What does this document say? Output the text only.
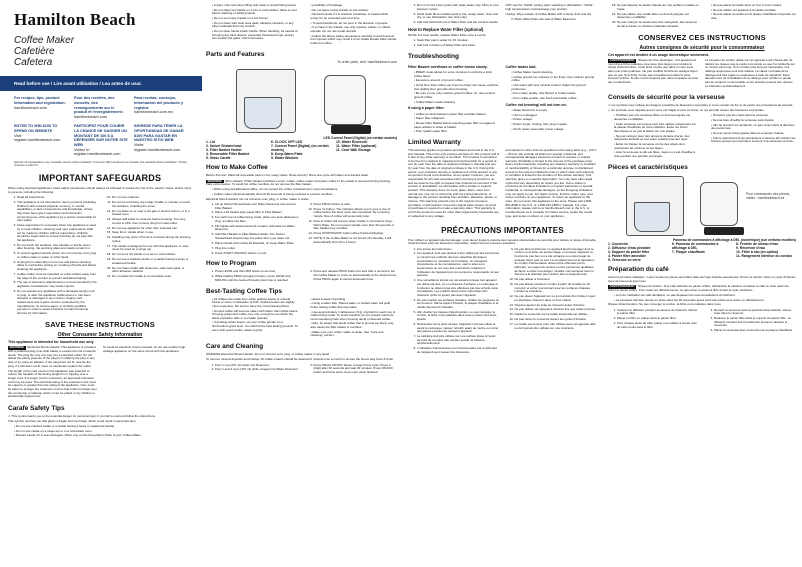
Hamilton Beach
Coffee Maker
Cafetière
Cafetera
Read before use / Lire avant utilisation / Lea antes de usar.
For recipes, tips, product information and registration:
hamiltonbeach.com
Pour des recettes, des conseils, des renseignements sur le produit et l'enregistrement :
hamiltonbeach.com
Para recetas, consejos, información del producto y registro:
hamiltonbeach.com.mx
ENTER TO WIN $100 TO SPEND ON WEBSITE
Visit: register.hamiltonbeach.com
PARTICIPEZ POUR COURIR LA CHANCE DE GAGNER UN MONTANT DE 100 $ À DÉPENSER SUR NOTRE SITE WEB
Visitez le : register.hamiltonbeach.com
INGRESE PARA TENER LA OPORTUNIDAD DE GANAR $100 PARA GASTAR EN NUESTRO SITIO WEB
Visite: register.hamiltonbeach.com
Special US sweepstakes only. Canadian version where available / Concours offert seulement au Canada. Not available where prohibited. / Sorteo exclusivo en EE.UU.
IMPORTANT SAFEGUARDS

When using electrical appliances, basic safety precautions should always be followed to reduce the risk of fire, electric shock, and/or injury to persons, including the following:

1. Read all instructions.
2. This appliance is not intended for use by persons (including children) with reduced physical, sensory, or mental capabilities, or lack of experience and knowledge, unless they have been given supervision and instruction concerning use of the appliance by a person responsible for their safety.
3. Close supervision is necessary when any appliance is used by or near children. Cleaning and user maintenance shall not be made by children without supervision. Children should be supervised to ensure that they do not play with the appliance.
4. Do not touch hot surfaces. Use handles or knobs. Even after brewing, the warming plate and carafe remain hot.
5. To protect against electric shock, do not immerse cord, plug, or coffee maker in water or other liquid.
6. Unplug from outlet when not in use and before cleaning. Allow to cool before putting on or taking off parts and before cleaning the appliance.
7. Coffee maker must be operated on a flat surface away from the edge of the counter to prevent accidental tipping.
8. The use of accessory attachments not recommended by the appliance manufacturer may cause injuries.
9. Do not operate any appliance with a damaged supply cord or plug, or after the appliance malfunctions or has been dropped or damaged in any manner. Supply cord replacement and repairs must be conducted by the manufacturer, its service agent, or similarly qualified persons in order to avoid a hazard. Contact Customer Service for information.
10. Do not use outdoors.
11. Do not let cord hang over edge of table or counter or touch hot surfaces, including the stove.
12. Do not place on or near a hot gas or electric burner, or in a heated oven.
13. Always add water to reservoir before brewing. Turn any control to OFF, then remove plug from wall outlet.
14. Do not use appliance for other than intended use.
15. Keep lid on carafe when in use.
16. Scalding may occur if the lid is removed during the brewing cycles.
17. The carafe is designed for use with this appliance. It must never be used on a range top.
18. Do not set a hot carafe on a wet or cold surface.
19. Do not use a cracked carafe or a carafe having a loose or weakened handle.
20. Do not clean carafe with cleansers, steel wool pads, or other abrasive material.
21. Do not place the carafe in a microwave oven.
SAVE THESE INSTRUCTIONS
Other Consumer Safety Information

This appliance is intended for household use only.

WARNING Electrical Shock Hazard: This appliance is provided with a polarized plug (one wide blade) to reduce the risk of electric shock. The plug fits only one way into a polarized outlet. Do not defeat the safety purpose of the plug by modifying the plug in any way or by using an adapter. If the plug does not fit, reverse the plug. If it still does not fit, have an electrician replace the outlet.

The length of the cord used on this appliance was selected to reduce the hazards of becoming tangled in or tripping over a longer cord. If a longer cord is necessary, an approved extension cord may be used. The electrical rating of the extension cord must be equal to or greater than the rating of the appliance. Care must be taken to arrange the extension cord so that it will not drape over the countertop or tabletop where it can be pulled on by children or accidentally tripped over.

To avoid an electrical circuit overload, do not use another high-wattage appliance on the same circuit with this appliance.

Carafe Safety Tips

⚠ This symbol alerts you to the potential danger for personal injury if you fail to read and follow the instructions.

This symbol reminds you that glass is fragile and can break, which could result in personal injury.

• Do not use cracked carafe or a carafe having a loose or weakened handle.
• Do not use carafe on a range top or in a microwave oven.
• Discard carafe if it is ever damaged. Place only on the Keep-Warm Plate of your Coffee Maker.
• impact. Use care when filling with water to avoid hitting faucet.
• Do not place hot Carafe on a wet or cold surface. Allow to cool before washing or adding liquids.
• Do not set empty Carafe on a hot burner.
• Do not clean with steel wool pads, abrasive cleaners, or any other materials that may scratch.
• Do not raise hands inside Carafe. When handling, be careful of bumping any hard objects, especially distressed rings, jewelry can scratch the glass, which increases
• possibility of breakage.
• Do not leave empty Carafe on hot surface.
• Discard Carafe if it is cracked, scratched, or heated while empty for an extended period of time.
• To avoid accidents, do not pour in the direction of people.
• If a crack in the Carafe, use only cookies, plastic, or rubber utensils. Do not use metal utensils.
• Follow the above safety precautions carefully to avoid serious burn injuries which may result if a hot carafe breaks while Carafe holds hot coffee.
Parts and Features
To order parts, visit: hamiltonbeach.com
LED Control Panel (Digital) (on certain models)
1. Lid
2. Swivel Showerhead
3. Filter Basket Holder
4. Removable Filter Basket
5. Glass Carafe
6. CLOCK OFF LED
7. Control Panel (Digital) (on certain models)
8. Keep-Warm Plate
9. Water Window
10. Water Reservoir
11. Water Filter (optional)
11. Cord Wall Storage
How to Make Coffee

Before first use: Wash all removable parts in hot, soapy water. Rinse and dry. Brew one cycle with water and discard water.

WARNING Burn Hazard. If filter basket overflows occurs, coffee, coffee maker and place coffee to the carafe is removed during brewing. Take extra caution. To avoid hot coffee overflow, do not remove the filter basket.

• When using decaffeinated coffee, do not exceed the coffee manufacturer's recommendations.
• Coffee maker will automatically shut off 30 seconds of being removed to prevent overflow.

Electrical Shock Hazard. Do not immerse cord, plug, or coffee maker in water.

1. Lift up Swivel Showerhead over Water Reservoir and remove Filter Basket.
2. Place a #4 basket style paper filter in Filter Basket.
3. For each cup of coffee being made, place one level tablespoon (5 g) of coffee into filter.
4. Fill Carafe with desired amount of water. Add water to Water Reservoir.
5. Add Filter Basket to Filter Basket Holder. The Swivel Showerhead should snap into place when you lower Lid.
6. Place Carafe with nozzle lid attached, on Keep-Warm Plate.
7. Plug into outlet.
8. Press START (ON/OFF) button on unit.
9. Press PROG button to start.
10. Press 'H' button. The Indicator allows you to pour a cup of coffee before the brew cycle has completed. By removing Carafe, flow of coffee will temporarily stop.
11. Flow of coffee will resume when Carafe is returned to Keep-Warm Plate. Do not remove Carafe more than 30 seconds or filter basket may overflow.
12. Press STOP/ON/OFF button when finished (Display).
13. NOTE: If the Coffee Maker is not turned off manually, it will automatically shut off in 2 hours.
How to Program
1. Press HOUR and then MIN button to set time.
2. While holding PROG (program) button, press HOUR and MINUTE until the desired brewing start time is reached.
3. Press and release PROG button for less than 1 second to set the Coffee Maker to come on automatically at the desired time. Press PROG again to cancel automatic brew.
Best-Tasting Coffee Tips
• All coffees are made from either arabica beans or robusta beans or some combination of both. Arabica beans are slightly more expensive, but tend to have the most pleasing flavor.
• Ground coffee will become stale much faster than whole beans. If buying preground coffee, buy only enough to use within the latest expiration date or a smaller quantity.
• If grinding whole beans, set your coffee grinder on a fine/medium-grind level. You will find the best tasting grounds. To use it with good results, select a grind
• about a week of grinding.
• Using a water filter, filtered water, or bottled water will yield better tasting coffee than tap water.
• Use approximately 1 tablespoon (5 g) of grinds for each cup of coffee being made. To avoid overflow, do not exceed maximum recommended grinds when brewing decaf or flavored coffee.
• Also, be aware that decaf coffee that is ground too finely may also cause the filter basket to overflow.
• Make sure your coffee maker is clean. See "Care and Cleaning" section.
Care and Cleaning

WARNING Electrical Shock Hazard. Do not immerse cord, plug, or coffee maker in any liquid.

To remove mineral deposits and buildup: All coffee makers should be cleaned of mineral once a month to ensure the brews stay fresh & fresh.

1. Pour 1 cup (237 ml) water into Reservoir.
2. Pour 1 and 2 cups (470 ml) white vinegar into Water Reservoir.
3. Press PROG ON/OFF button to begin brew cycle. Press 4 (digit) after 30 seconds and wait 30 minutes. Press ON/OFF button and brew press once more when finished.
4. Run 2-3 more brew cycles with clean water only. Allow to cool between cycles.
5. Hand wash all removable parts in hot, soapy water, rinse and dry, or use dishwasher (top rack only).
6. Add and hold back Lid of Water Filter and the Lid and Carafe.
How to Replace Water Filter (optional)

NOTE: For best results, replace Water Filter once a month.

1. Soak filter pad in water for 15 minutes.
2. Add pod to bottom of Water Filter and insert.

NOT use the "SAVE" setting when washing in dishwasher. "SAVE" high temperatures could damage your product.

Unplug. Wipe outside of Coffee Maker with a damp cloth and dry.

3. Place Water Filter into well of Water Reservoir.
Troubleshooting
Filter Basket overflows or coffee brews slowly.
• BREW mode allows for some moisture to optimize a bold coffee flavor.
• Excessive amount of ground coffee.
• Grind finer than coffee you brew too finely can cause overflow. Use slightly finer grounds when brewing.
• Be sure to use only medium-ground coffee. Or, use medium ground coffee.
• Coffee Maker needs cleaning.
If using a paper filter:
• Coffee grounds between paper filter and filter basket.
• Paper filter collapsed.
• Reuse Filter Basket before inserting paper filter so edges of paper adhere to sides of basket.
• Poor quality paper filter.
Coffee tastes bad.
• Coffee Maker needs cleaning.
• Coffee ground too coarsely or too finely. Use medium ground coffee.
• Use water with less mineral content. Adjust the ground preference.
• Poor water quality. Use filtered or bottled water.
• Poor coffee quality. Use fresh and bolder coffee.
Coffee not brewing/ will not turn on.
• Water Reservoir is empty.
• Unit is unplugged.
• Power outage.
• Power surge: Unplug, then plug in again.
• Clock resets reset after power outage.
Limited Warranty

This warranty applies to products purchased and used in the U.S. and Canada. This is the only express warranty for this product and is in lieu of any other warranty or condition. This product is warranted to be free from defects in material and workmanship for a period of one (1) year from the date of original purchase in Canada and one (1) year from the date of original purchase in the U.S. During this period, your exclusive remedy is replacement of this product or any component found to be defective, at our option; however, you are responsible for all costs associated with returning a product to us and we reserve the right to request that products be returned. If the product is unavailable, we will replace with a similar or superior product. This warranty does not cover glass, filters, wear from normal use, use not in conformity with the printed directions, or damage to the product resulting from accident, alteration, abuse, or misuse. This warranty extends only to the original consumer purchaser or gift recipient. Keep the original sales receipt, as proof of purchase is required to make a warranty claim. This warranty is void if the product is used for other than single-family household use or subjected to any voltage

and waveform other than as specified on the rating label (e.g., 120 V ~ 60 Hz). We exclude all claims for special, incidental, and consequential damages caused by breach of express or implied warranty. All liability is limited to the amount of the purchase price. Every implied warranty, including any statutory warranty or condition of merchantability or fitness for a particular purpose, is disclaimed except to the extent prohibited by law, in which case such warranty or condition is limited to the duration of this written warranty. This warranty gives you specific legal rights. You may have other legal rights that vary depending on where you live. Some states or provinces do not allow limitations on implied warranties or special, incidental, or consequential damages, so the foregoing limitations may not apply to you. For faster service, find the model, type, and series numbers on your appliance. To return an appliance to the store. Do not return this appliance to the store. Please call 1-800-851-8900 in the U.S. or 1-800-267-2826 in Canada. For more information, please visit us at hamiltonbeach.com in the U.S. or hamiltonbeach.ca in Canada. For faster service, locate the model, type, and series numbers on your appliance.

PRÉCAUTIONS IMPORTANTES

Pour utiliser un appareil électroménager, vous devez toujours prendre des mesures élémentaires de sécurité pour réduire le risque d'incendie, d'électrocution et/ou de blessures corporelles, notamment les mesures suivantes :

1. Lire toutes les instructions.
2. Cet appareil n'est pas destiné à être utilisé par des personnes (y compris les enfants) dont les capacités physiques, sensorielles ou mentales sont réduites, ou manquant d'expérience et de connaissance, sauf si elles sont supervisées ou ont reçu des instructions relatives à l'utilisation de l'appareil par une personne responsable de leur sécurité.
3. Une surveillance étroite est nécessaire lorsque tout appareil est utilisé par des, ou en présence d'enfants. Le nettoyage et l'entretien ne doivent pas être effectués par des enfants sans surveillance. Les enfants doivent être supervisés afin d'assurer qu'ils ne jouent pas avec l'appareil.
4. Ne pas toucher les surfaces chaudes. Utiliser les poignées ou les boutons. Même après l'infusion, la plaque chauffante et la carafe demeurent chaudes.
5. Afin d'éviter les risques d'électrocution, ne pas immerger le cordon, la fiche ou la cafetière dans l'eau ou dans tout autre liquide.
6. Débrancher de la prise lorsque l'appareil n'est pas utilisé et avant le nettoyage. Laisser refroidir avant de mettre ou retirer des pièces et avant de nettoyer l'appareil.
7. La cafetière doit être utilisée sur une surface plane à l'écart du bord du comptoir afin d'éviter qu'elle ne bascule accidentellement.
8. L'utilisation d'accessoires non recommandés par le fabricant de l'appareil peut causer des blessures.
9. Ne pas faire fonctionner un appareil électroménager dont le cordon ou la fiche est endommagé, ou lorsque l'appareil ne fonctionne pas bien ou a été échappé ou endommagé de quelque façon que ce soit. Le remplacement et la réparation du cordon d'alimentation doivent être effectués par le fabricant, son agent de service ou des personnes qualifiées de façon à éviter tout danger. Veuillez communiquer avec le Service à la clientèle pour obtenir des renseignements.
10. Ne pas utiliser à l'extérieur.
11. Ne pas laisser pendre le cordon à partir de la table ou du comptoir et éviter tout contact avec les surfaces chaudes, incluant la cuisinière.
12. Ne pas placer l'appareil sur ou à proximité d'un brûleur à gaz ou électrique chaud ni dans un four chaud.
13. Toujours ajouter de l'eau au réservoir avant l'infusion.
14. Ne pas utiliser cet appareil à d'autres fins que celles prévues.
15. Garder le couvercle sur la carafe lorsqu'elle est utilisée.
16. Ne pas retirer le couvercle durant les cycles d'infusion.
17. La carafe est conçue pour être utilisée avec cet appareil. Elle ne doit jamais être utilisée sur une cuisinière.
18. Ne pas déposer la carafe chaude sur une surface mouillée ou froide.
19. Ne pas utiliser une carafe fêlée ou dont la poignée est desserrée ou affaiblie.
20. Ne pas nettoyer la carafe avec des nettoyants, des tampons de laine d'acier ou d'autres matériaux abrasifs.
• Ne pas placer la carafe dans un four à micro-ondes.
• Ne pas utiliser cet appareil si la carafe est fêlée.
• Ne pas placer la carafe sur la plaque chauffante lorsqu'elle est vide.
CONSERVEZ CES INSTRUCTIONS
Autres consignes de sécurité pour le consommateur

Cet appareil est destiné à un usage domestique seulement.

AVERTISSEMENT Risque de choc électrique : Cet appareil est muni d'une fiche polarisée (une lame plus large) pour réduire le risque d'électrocution. Cette fiche n'entre que dans un seul sens dans une prise polarisée. Ne pas modifier la fiche de quelque façon que ce soit. Si la fiche n'entre pas complètement dans la prise, inverser la fiche. Si elle n'entre toujours pas, faire remplacer la prise par un électricien.

La longueur du cordon utilisé sur cet appareil a été choisie afin de réduire les risques que le cordon s'emmêle ou que l'on trébuche sur un cordon plus long. Si un cordon plus long est nécessaire, une rallonge approuvée peut être utilisée. La valeur nominale de la rallonge doit être égale ou supérieure à celle de l'appareil. Faire attention lors de l'installation de la rallonge pour qu'elle ne pende pas du comptoir ou de la table où les enfants peuvent tirer dessus ou trébucher accidentellement.

Conseils de sécurité pour la verseuse

⚠ Ce symbole vous indique les dangers possibles de blessures corporelles si vous omettez de lire et de suivre ces précautions de sécurité.

◇ Ce symbole vous rappelle que le verre est fragile et peut se briser, ce qui pourrait causer des blessures corporelles.

• N'utilisez pas une verseuse fêlée ou dont la poignée est desserrée ou affaiblie.
• Cette verseuse est conçue pour être utilisée uniquement sur la plaque chauffante de votre cafetière. Éviter les chocs thermiques et ne pas la placer sur une plaque.
• Ne pas nettoyer avec des tampons de laine d'acier, des nettoyants abrasifs ou tout autre matériel pouvant rayer.
• Éviter de frapper la verseuse contre des objets durs, notamment les robinets ou les bijoux.
• Jeter la verseuse si elle est fêlée, rayée ou a été chauffée à vide pendant une période prolongée.
• N'insérez pas les mains dans la verseuse.
• Ne pas faire chauffer la verseuse sans liquide.
• Afin de prévenir les accidents, ne pas verser dans la direction des personnes.
• Ne pas verser d'eau glacée dans la verseuse chaude.
• Suivre attentivement les précautions ci-dessus afin d'éviter les brûlures graves qui pourraient survenir si la verseuse se brise.
Pièces et caractéristiques
Pour commander des pièces, visiter : hamiltonbeach.ca
Panneau de commandes à affichage à DEL (numérique) (sur certains modèles)
1. Couvercle
2. Diffuseur d'eau pivotant
3. Support du panier filtre
4. Panier filtre amovible
5. Verseuse en verre
6. Panneau de commandes à affichage à DEL
7. Plaque chauffante
8. Fenêtre de niveau d'eau
9. Réservoir d'eau
10. Filtre à eau (en option)
11. Rangement intérieur du cordon
Préparation du café

Avant la première utilisation : Laver toutes les pièces amovibles dans de l'eau chaude savonneuse. Rincer et sécher. Faire un cycle d'infusion avec de l'eau puis jeter l'eau.

AVERTISSEMENT Risque de brûlure. Si le café déborde du panier à filtre, débrancher la cafetière et laisser le café se vider avant de retirer le panier à filtre. Pour éviter les débordements, ne pas retirer le panier à filtre durant le cycle d'infusion.

• Lors de l'utilisation de café décaféiné, ne pas dépasser les recommandations du fabricant.
• La verseuse doit être remise en place dans les 30 secondes après avoir été retirée pour éviter un débordement.

Risque d'électrocution. Ne pas immerger le cordon, la fiche ou la cafetière dans l'eau.

1. Soulever le diffuseur pivotant au-dessus du réservoir. Retirer le panier filtre.
2. Placer un filtre en papier dans le panier filtre.
3. Pour chaque tasse de café, placer une cuillère à soupe rase de café moulu dans le filtre.
4. Remplir la verseuse avec la quantité d'eau désirée. Verser l'eau dans le réservoir.
5. Replacer le panier filtre dans le support du panier filtre. Le diffuseur pivotant doit s'enclencher lorsqu'on abaisse le couvercle.
6. Placer la verseuse avec couvercle sur la plaque chauffante.
